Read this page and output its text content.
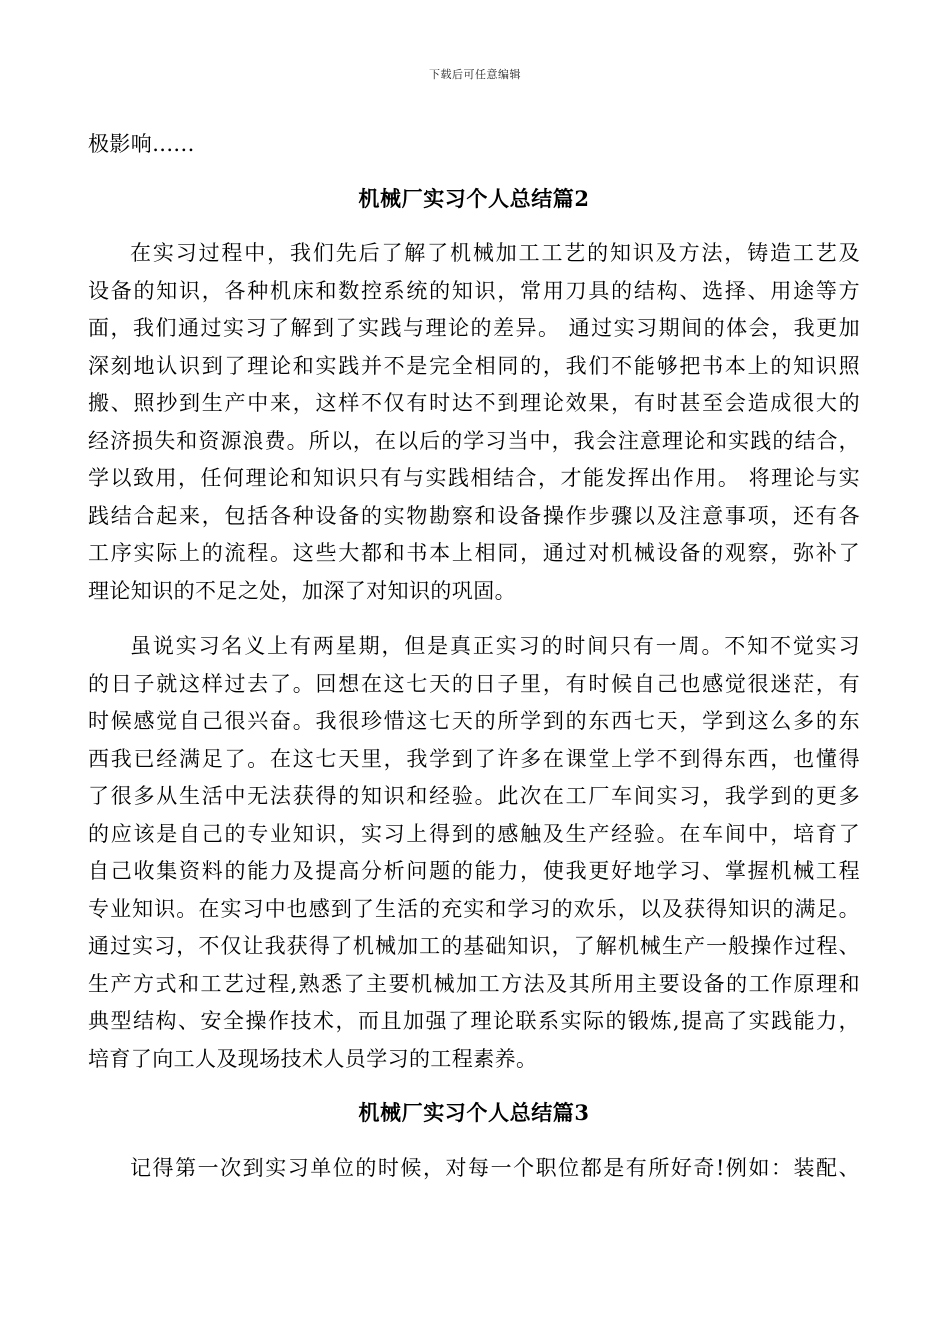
下载后可任意编辑
极影响......
机械厂实习个人总结篇2
在实习过程中，我们先后了解了机械加工工艺的知识及方法，铸造工艺及
设备的知识，各种机床和数控系统的知识，常用刀具的结构、选择、用途等方
面，我们通过实习了解到了实践与理论的差异。 通过实习期间的体会，我更加
深刻地认识到了理论和实践并不是完全相同的，我们不能够把书本上的知识照
搬、照抄到生产中来，这样不仅有时达不到理论效果，有时甚至会造成很大的
经济损失和资源浪费。所以，在以后的学习当中，我会注意理论和实践的结合，
学以致用，任何理论和知识只有与实践相结合，才能发挥出作用。 将理论与实
践结合起来，包括各种设备的实物勘察和设备操作步骤以及注意事项，还有各
工序实际上的流程。这些大都和书本上相同，通过对机械设备的观察，弥补了
理论知识的不足之处，加深了对知识的巩固。
虽说实习名义上有两星期，但是真正实习的时间只有一周。不知不觉实习
的日子就这样过去了。回想在这七天的日子里，有时候自己也感觉很迷茫，有
时候感觉自己很兴奋。我很珍惜这七天的所学到的东西七天，学到这么多的东
西我已经满足了。在这七天里，我学到了许多在课堂上学不到得东西，也懂得
了很多从生活中无法获得的知识和经验。此次在工厂车间实习，我学到的更多
的应该是自己的专业知识，实习上得到的感触及生产经验。在车间中，培育了
自己收集资料的能力及提高分析问题的能力，使我更好地学习、掌握机械工程
专业知识。在实习中也感到了生活的充实和学习的欢乐，以及获得知识的满足。
通过实习，不仅让我获得了机械加工的基础知识，了解机械生产一般操作过程、
生产方式和工艺过程,熟悉了主要机械加工方法及其所用主要设备的工作原理和
典型结构、安全操作技术，而且加强了理论联系实际的锻炼,提高了实践能力，
培育了向工人及现场技术人员学习的工程素养。
机械厂实习个人总结篇3
记得第一次到实习单位的时候，对每一个职位都是有所好奇!例如：装配、
